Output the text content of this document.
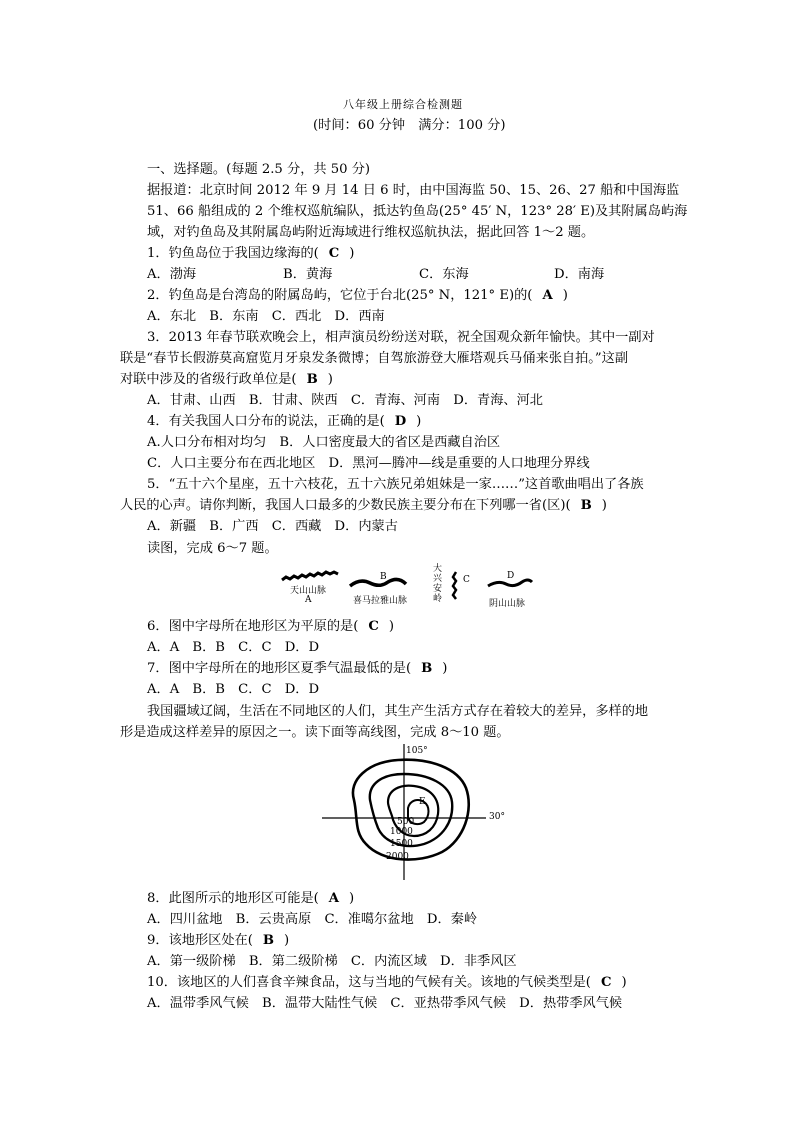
八年级上册综合检测题
(时间：60 分钟　满分：100 分)
一、选择题。(每题 2.5 分，共 50 分)
据报道：北京时间 2012 年 9 月 14 日 6 时，由中国海监 50、15、26、27 船和中国海监
51、66 船组成的 2 个维权巡航编队，抵达钓鱼岛(25° 45′ N，123° 28′ E)及其附属岛屿海
域，对钓鱼岛及其附属岛屿附近海域进行维权巡航执法，据此回答 1～2 题。
1．钓鱼岛位于我国边缘海的( C )
A．渤海	B．黄海	C．东海	D．南海
2．钓鱼岛是台湾岛的附属岛屿，它位于台北(25° N，121° E)的( A )
A．东北　B．东南　C．西北　D．西南
3．2013 年春节联欢晚会上，相声演员纷纷送对联，祝全国观众新年愉快。其中一副对
联是“春节长假游莫高窟览月牙泉发条微博；自驾旅游登大雁塔观兵马俑来张自拍。”这副
对联中涉及的省级行政单位是( B )
A．甘肃、山西　B．甘肃、陕西　C．青海、河南　D．青海、河北
4．有关我国人口分布的说法，正确的是( D )
A.人口分布相对均匀　B．人口密度最大的省区是西藏自治区
C．人口主要分布在西北地区　D．黑河—腾冲—线是重要的人口地理分界线
5．“五十六个星座，五十六枝花，五十六族兄弟姐妹是一家……”这首歌曲唱出了各族
人民的心声。请你判断，我国人口最多的少数民族主要分布在下列哪一省(区)( B )
A．新疆　B．广西　C．西藏　D．内蒙古
读图，完成 6～7 题。
天山山脉
A
B
喜马拉雅山脉
大
兴
安
岭
C	D
阴山山脉
6．图中字母所在地形区为平原的是( C )
A．A　B．B　C．C　D．D
7．图中字母所在的地形区夏季气温最低的是( B )
A．A　B．B　C．C　D．D
我国疆域辽阔，生活在不同地区的人们，其生产生活方式存在着较大的差异，多样的地
形是造成这样差异的原因之一。读下面等高线图，完成 8～10 题。
105°
30°
E
500
1000
1500
2000
8．此图所示的地形区可能是( A )
A．四川盆地　B．云贵高原　C．准噶尔盆地　D．秦岭
9．该地形区处在( B )
A．第一级阶梯　B．第二级阶梯　C．内流区域　D．非季风区
10．该地区的人们喜食辛辣食品，这与当地的气候有关。该地的气候类型是( C )
A．温带季风气候　B．温带大陆性气候　C．亚热带季风气候　D．热带季风气候
